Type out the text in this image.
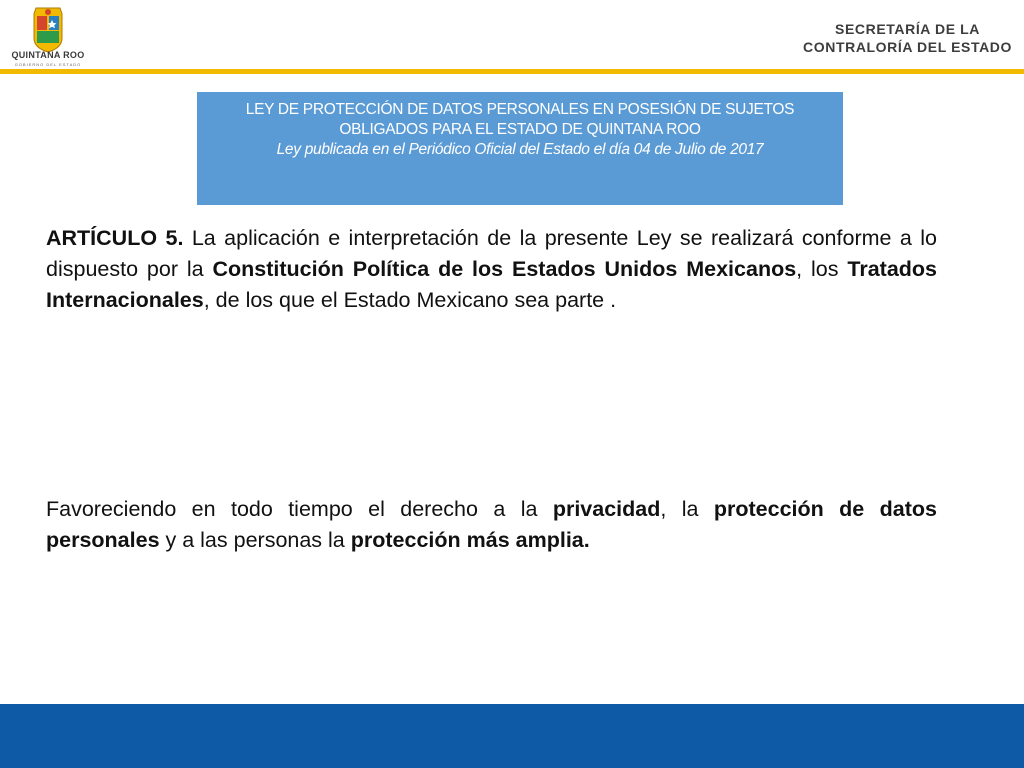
QUINTANA ROO
GOBIERNO DEL ESTADO
SECRETARÍA DE LA
CONTRALORÍA DEL ESTADO
LEY DE PROTECCIÓN DE DATOS PERSONALES EN POSESIÓN DE SUJETOS
OBLIGADOS PARA EL ESTADO DE QUINTANA ROO
Ley publicada en el Periódico Oficial del Estado el día 04 de Julio de 2017
ARTÍCULO 5. La aplicación e interpretación de la presente Ley se realizará conforme a lo dispuesto por la Constitución Política de los Estados Unidos Mexicanos, los Tratados Internacionales, de los que el Estado Mexicano sea parte .
Favoreciendo en todo tiempo el derecho a la privacidad, la protección de datos personales y a las personas la protección más amplia.
